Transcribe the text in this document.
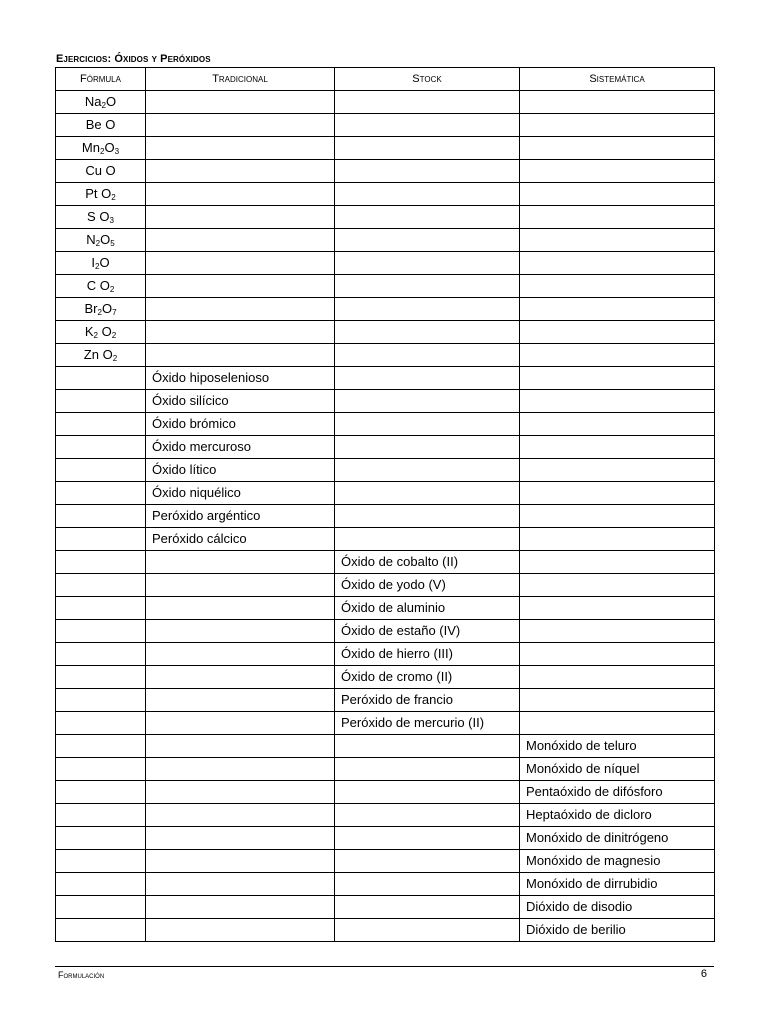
Ejercicios: Óxidos y Peróxidos
Fórmula	Tradicional	Stock	Sistemática
$Na_2O$			
Be O			
$Mn_2O_3$			
Cu O			
Pt $O_2$			
S $O_3$			
$N_2O_5$			
$I_2O$			
C $O_2$			
$Br_2O_7$			
$K_2$ $O_2$			
Zn $O_2$			
	Óxido hiposelenioso		
	Óxido silícico		
	Óxido brómico		
	Óxido mercuroso		
	Óxido lítico		
	Óxido niquélico		
	Peróxido argéntico		
	Peróxido cálcico		
		Óxido de cobalto (II)	
		Óxido de yodo (V)	
		Óxido de aluminio	
		Óxido de estaño (IV)	
		Óxido de hierro (III)	
		Óxido de cromo (II)	
		Peróxido de francio	
		Peróxido de mercurio (II)	
			Monóxido de teluro
			Monóxido de níquel
			Pentaóxido de difósforo
			Heptaóxido de dicloro
			Monóxido de dinitrógeno
			Monóxido de magnesio
			Monóxido de dirrubidio
			Dióxido de disodio
			Dióxido de berilio
Formulación	6
